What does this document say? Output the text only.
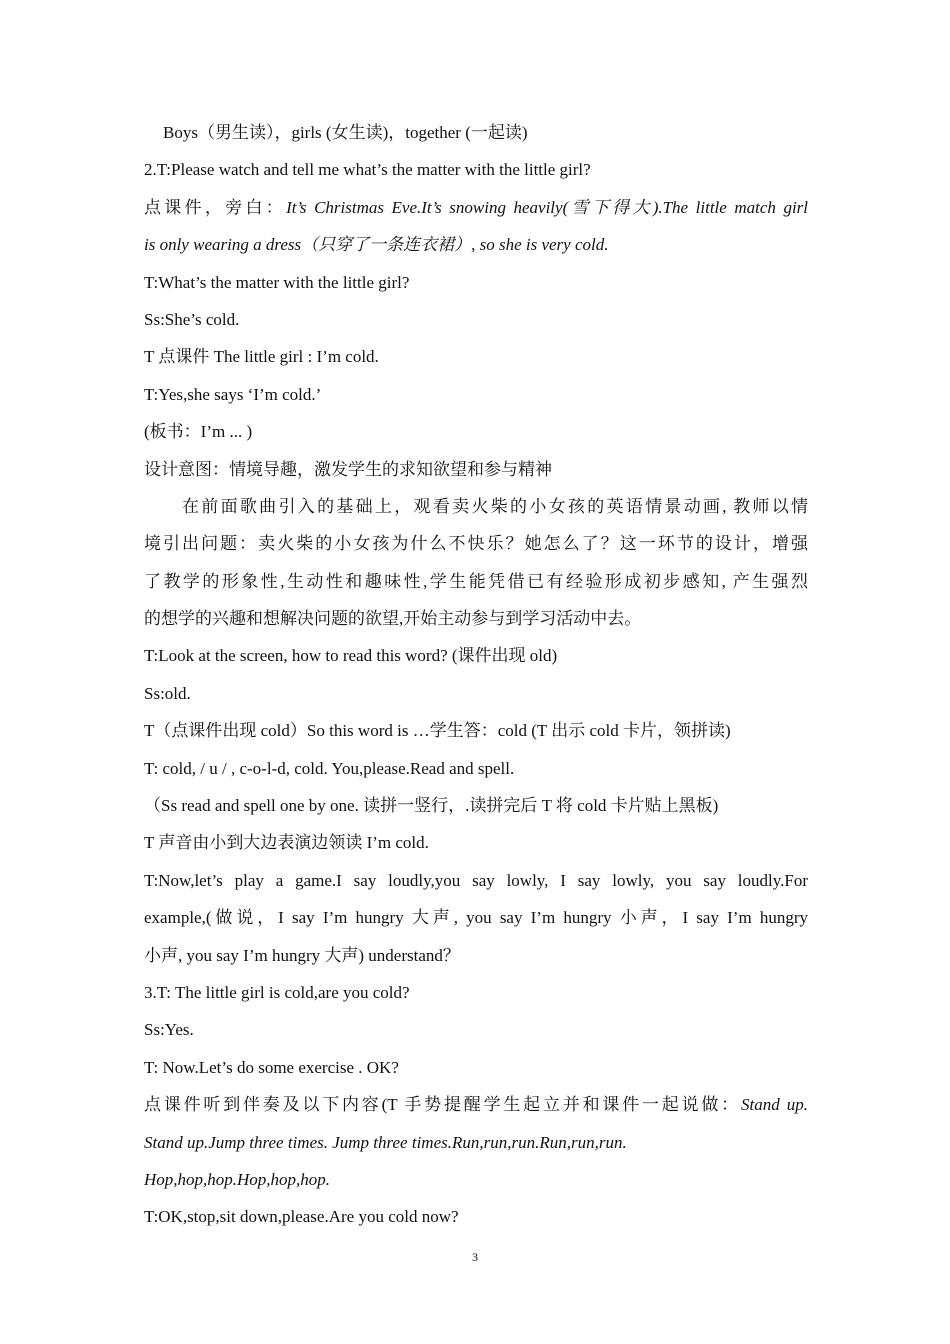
Boys（男生读），girls (女生读)，together (一起读)
2.T:Please watch and tell me what’s the matter with the little girl?
点课件，旁白：It’s Christmas Eve.It’s snowing heavily(雪下得大).The little match girl
is only wearing a dress（只穿了一条连衣裙）, so she is very cold.
T:What’s the matter with the little girl?
Ss:She’s cold.
T 点课件 The little girl : I’m cold.
T:Yes,she says ‘I’m cold.’
(板书：I’m ... )
设计意图：情境导趣，激发学生的求知欲望和参与精神
在前面歌曲引入的基础上，观看卖火柴的小女孩的英语情景动画, 教师以情
境引出问题：卖火柴的小女孩为什么不快乐？她怎么了？这一环节的设计，增强
了教学的形象性,生动性和趣味性,学生能凭借已有经验形成初步感知, 产生强烈
的想学的兴趣和想解决问题的欲望,开始主动参与到学习活动中去。
T:Look at the screen, how to read this word? (课件出现 old)
Ss:old.
T（点课件出现 cold）So this word is …学生答：cold (T 出示 cold 卡片，领拼读)
T: cold, / u / , c-o-l-d, cold. You,please.Read and spell.
（Ss read and spell one by one. 读拼一竖行，.读拼完后 T 将 cold 卡片贴上黑板)
T 声音由小到大边表演边领读 I’m cold.
T:Now,let’s play a game.I say loudly,you say lowly, I say lowly, you say loudly.For
example,(做说，I say I’m hungry 大声, you say I’m hungry 小声，I say I’m hungry
小声, you say I’m hungry 大声) understand？
3.T: The little girl is cold,are you cold?
Ss:Yes.
T: Now.Let’s do some exercise . OK?
点课件听到伴奏及以下内容(T 手势提醒学生起立并和课件一起说做：Stand up.
Stand up.Jump three times. Jump three times.Run,run,run.Run,run,run.
Hop,hop,hop.Hop,hop,hop.
T:OK,stop,sit down,please.Are you cold now?
3
